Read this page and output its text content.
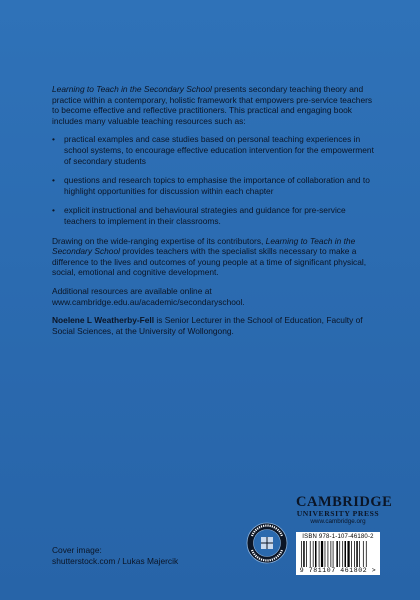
Learning to Teach in the Secondary School presents secondary teaching theory and practice within a contemporary, holistic framework that empowers pre-service teachers to become effective and reflective practitioners. This practical and engaging book includes many valuable teaching resources such as:

• practical examples and case studies based on personal teaching experiences in school systems, to encourage effective education intervention for the empowerment of secondary students
• questions and research topics to emphasise the importance of collaboration and to highlight opportunities for discussion within each chapter
• explicit instructional and behavioural strategies and guidance for pre-service teachers to implement in their classrooms.

Drawing on the wide-ranging expertise of its contributors, Learning to Teach in the Secondary School provides teachers with the specialist skills necessary to make a difference to the lives and outcomes of young people at a time of significant physical, social, emotional and cognitive development.

Additional resources are available online at www.cambridge.edu.au/academic/secondaryschool.

Noelene L Weatherby-Fell is Senior Lecturer in the School of Education, Faculty of Social Sciences, at the University of Wollongong.

Cover image:
shutterstock.com / Lukas Majercik
CAMBRIDGE
UNIVERSITY PRESS
www.cambridge.org
ISBN 978-1-107-46180-2
9 781107 461802 >
